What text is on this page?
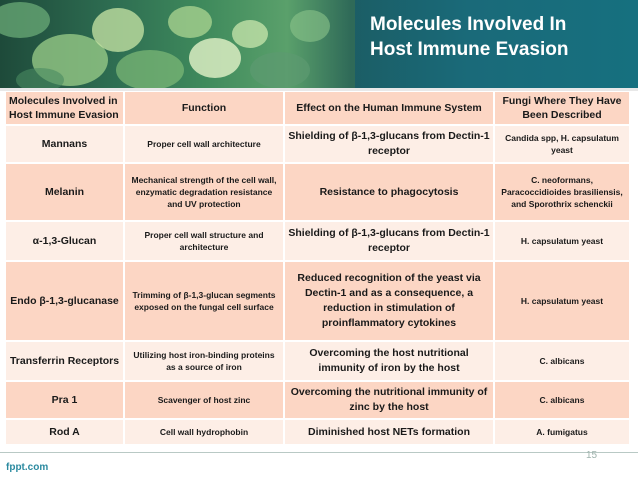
Molecules Involved In
Host Immune Evasion
Molecules Involved in Host Immune Evasion	Function	Effect on the Human Immune System	Fungi Where They Have Been Described
Mannans	Proper cell wall architecture	Shielding of β-1,3-glucans from Dectin-1 receptor	Candida spp, H. capsulatum yeast
Melanin	Mechanical strength of the cell wall, enzymatic degradation resistance and UV protection	Resistance to phagocytosis	C. neoformans, Paracoccidioides brasiliensis, and Sporothrix schenckii
α-1,3-Glucan	Proper cell wall structure and architecture	Shielding of β-1,3-glucans from Dectin-1 receptor	H. capsulatum yeast
Endo β-1,3-glucanase	Trimming of β-1,3-glucan segments exposed on the fungal cell surface	Reduced recognition of the yeast via Dectin-1 and as a consequence, a reduction in stimulation of proinflammatory cytokines	H. capsulatum yeast
Transferrin Receptors	Utilizing host iron-binding proteins as a source of iron	Overcoming the host nutritional immunity of iron by the host	C. albicans
Pra 1	Scavenger of host zinc	Overcoming the nutritional immunity of zinc by the host	C. albicans
Rod A	Cell wall hydrophobin	Diminished host NETs formation	A. fumigatus
15
fppt.com
